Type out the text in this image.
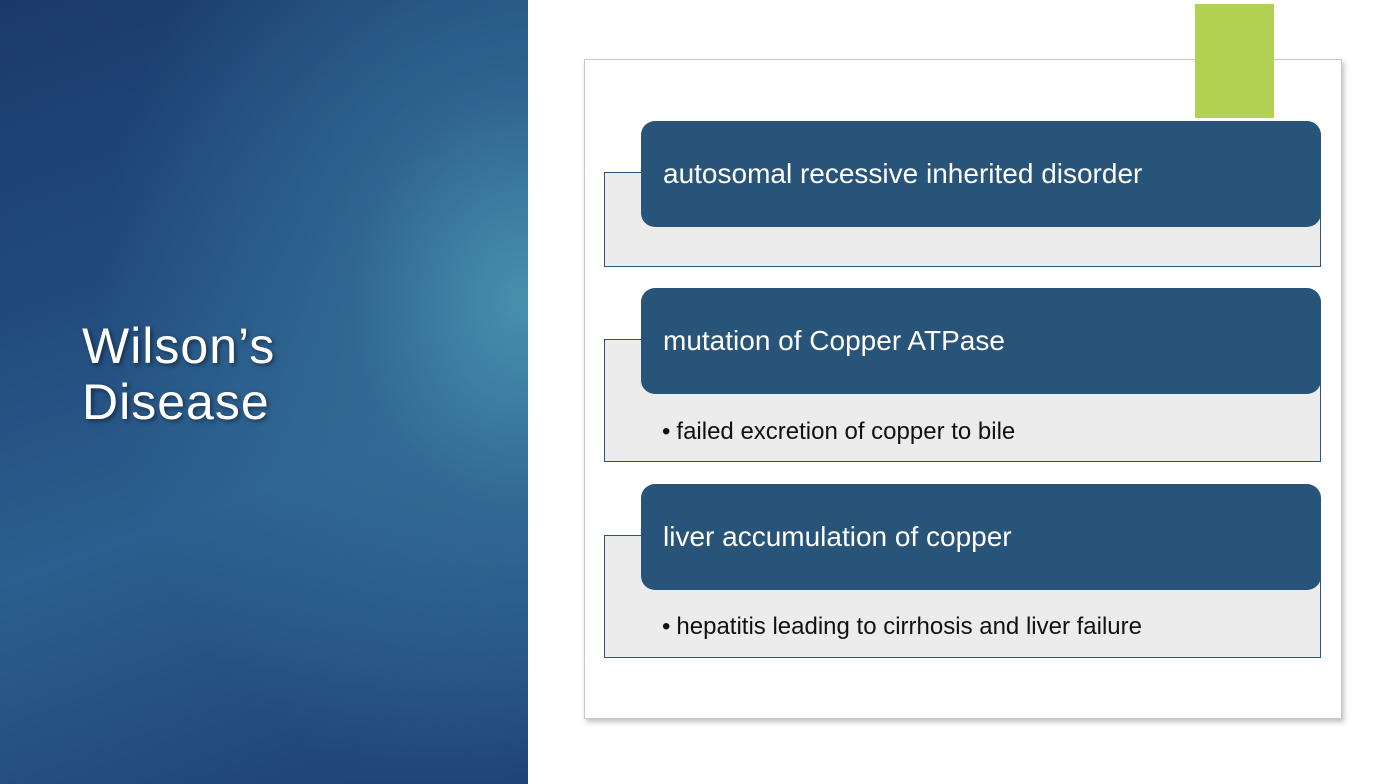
Wilson’s
Disease
autosomal recessive inherited disorder
mutation of Copper ATPase
• failed excretion of copper to bile
liver accumulation of copper
• hepatitis leading to cirrhosis and liver failure
